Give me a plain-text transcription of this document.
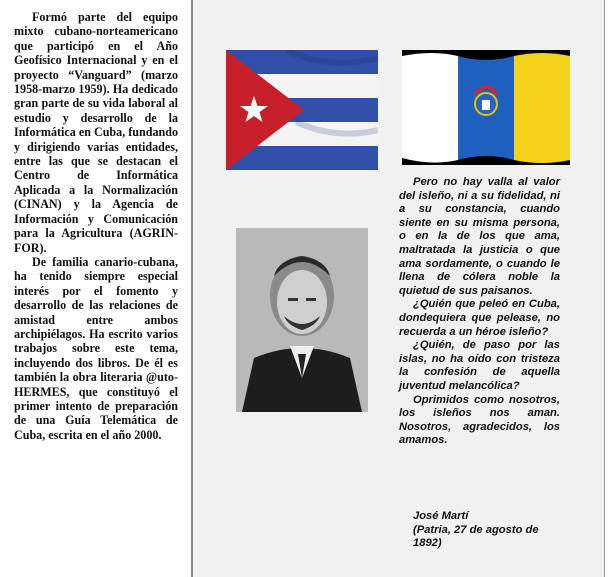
Formó parte del equipo mixto cubano-norteamericano que participó en el Año Geofísico Internacional y en el proyecto “Vanguard” (marzo 1958-marzo 1959). Ha dedicado gran parte de su vida laboral al estudio y desarrollo de la Informática en Cuba, fundando y dirigiendo varias entidades, entre las que se destacan el Centro de Informática Aplicada a la Normalización (CINAN) y la Agencia de Información y Comunicación para la Agricultura (AGRIN-FOR).

De familia canario-cubana, ha tenido siempre especial interés por el fomento y desarrollo de las relaciones de amistad entre ambos archipiélagos. Ha escrito varios trabajos sobre este tema, incluyendo dos libros. De él es también la obra literaria @uto-HERMES, que constituyó el primer intento de preparación de una Guía Telemática de Cuba, escrita en el año 2000.

Pero no hay valla al valor del isleño, ni a su fidelidad, ni a su constancia, cuando siente en su misma persona, o en la de los que ama, maltratada la justicia o que ama sordamente, o cuando le llena de cólera noble la quietud de sus paisanos.

¿Quién que peleó en Cuba, dondequiera que pelease, no recuerda a un héroe isleño?

¿Quién, de paso por las islas, no ha oído con tristeza la confesión de aquella juventud melancólica?

Oprimidos como nosotros, los isleños nos aman. Nosotros, agradecidos, los amamos.

José Martí
(Patria, 27 de agosto de 1892)
